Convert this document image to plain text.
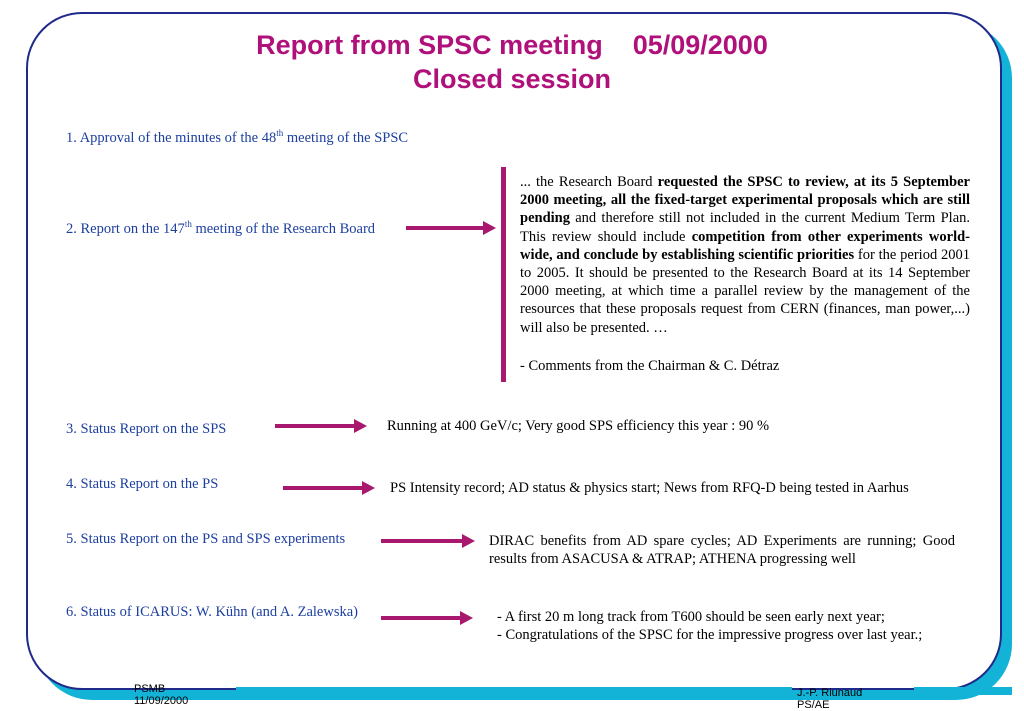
Report from SPSC meeting    05/09/2000
Closed session
1. Approval of the minutes of the 48th meeting of the SPSC
2. Report on the 147th meeting of the Research Board
... the Research Board requested the SPSC to review, at its 5 September 2000 meeting, all the fixed-target experimental proposals which are still pending and therefore still not included in the current Medium Term Plan. This review should include competition from other experiments world-wide, and conclude by establishing scientific priorities for the period 2001 to 2005. It should be presented to the Research Board at its 14 September 2000 meeting, at which time a parallel review by the management of the resources that these proposals request from CERN (finances, man power,...) will also be presented. …
- Comments from the Chairman & C. Détraz
3. Status Report on the SPS	Running at 400 GeV/c; Very good SPS efficiency this year : 90 %
4. Status Report on the PS	PS Intensity record; AD status & physics start; News from RFQ-D being tested in Aarhus
5. Status Report on the PS and SPS experiments	DIRAC benefits from AD spare cycles; AD Experiments are running; Good results from ASACUSA & ATRAP; ATHENA progressing well
6. Status of ICARUS: W. Kühn (and A. Zalewska)	- A first 20 m long track from T600 should be seen early next year;
- Congratulations of the SPSC for the impressive progress over last year.;
PSMB
11/09/2000
J.-P. Riunaud
PS/AE
